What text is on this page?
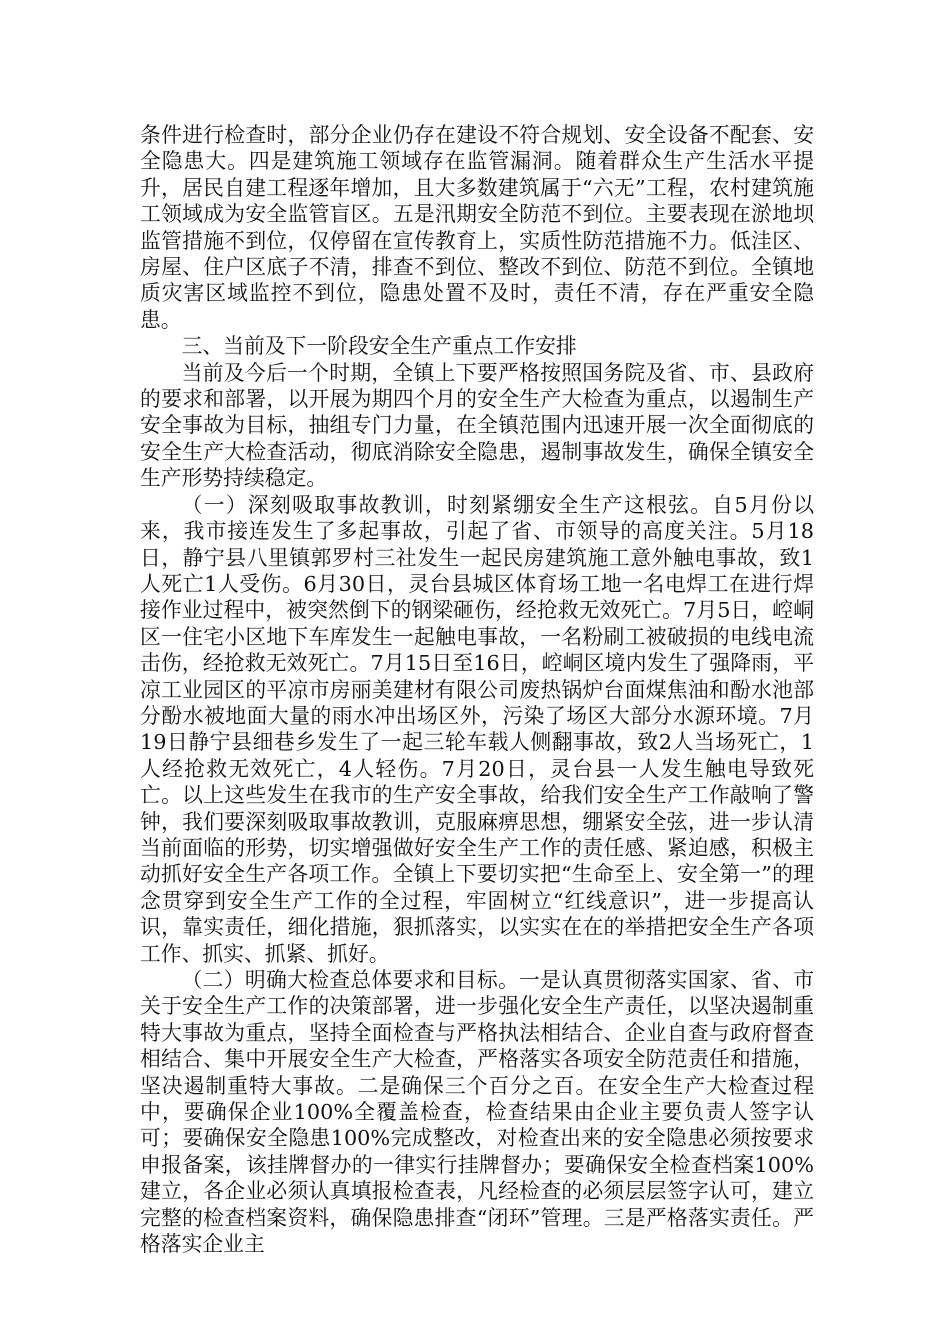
条件进行检查时，部分企业仍存在建设不符合规划、安全设备不配套、安全隐患大。四是建筑施工领域存在监管漏洞。随着群众生产生活水平提升，居民自建工程逐年增加，且大多数建筑属于“六无”工程，农村建筑施工领域成为安全监管盲区。五是汛期安全防范不到位。主要表现在淤地坝监管措施不到位，仅停留在宣传教育上，实质性防范措施不力。低洼区、房屋、住户区底子不清，排查不到位、整改不到位、防范不到位。全镇地质灾害区域监控不到位，隐患处置不及时，责任不清，存在严重安全隐患。

三、当前及下一阶段安全生产重点工作安排

当前及今后一个时期，全镇上下要严格按照国务院及省、市、县政府的要求和部署，以开展为期四个月的安全生产大检查为重点，以遏制生产安全事故为目标，抽组专门力量，在全镇范围内迅速开展一次全面彻底的安全生产大检查活动，彻底消除安全隐患，遏制事故发生，确保全镇安全生产形势持续稳定。

（一）深刻吸取事故教训，时刻紧绷安全生产这根弦。自5月份以来，我市接连发生了多起事故，引起了省、市领导的高度关注。5月18日，静宁县八里镇郭罗村三社发生一起民房建筑施工意外触电事故，致1人死亡1人受伤。6月30日，灵台县城区体育场工地一名电焊工在进行焊接作业过程中，被突然倒下的钢梁砸伤，经抢救无效死亡。7月5日，崆峒区一住宅小区地下车库发生一起触电事故，一名粉刷工被破损的电线电流击伤，经抢救无效死亡。7月15日至16日，崆峒区境内发生了强降雨，平凉工业园区的平凉市房丽美建材有限公司废热锅炉台面煤焦油和酚水池部分酚水被地面大量的雨水冲出场区外，污染了场区大部分水源环境。7月19日静宁县细巷乡发生了一起三轮车载人侧翻事故，致2人当场死亡，1人经抢救无效死亡，4人轻伤。7月20日，灵台县一人发生触电导致死亡。以上这些发生在我市的生产安全事故，给我们安全生产工作敲响了警钟，我们要深刻吸取事故教训，克服麻痹思想，绷紧安全弦，进一步认清当前面临的形势，切实增强做好安全生产工作的责任感、紧迫感，积极主动抓好安全生产各项工作。全镇上下要切实把“生命至上、安全第一”的理念贯穿到安全生产工作的全过程，牢固树立“红线意识”，进一步提高认识，靠实责任，细化措施，狠抓落实，以实实在在的举措把安全生产各项工作、抓实、抓紧、抓好。

（二）明确大检查总体要求和目标。一是认真贯彻落实国家、省、市关于安全生产工作的决策部署，进一步强化安全生产责任，以坚决遏制重特大事故为重点，坚持全面检查与严格执法相结合、企业自查与政府督查相结合、集中开展安全生产大检查，严格落实各项安全防范责任和措施，坚决遏制重特大事故。二是确保三个百分之百。在安全生产大检查过程中，要确保企业100%全覆盖检查，检查结果由企业主要负责人签字认可；要确保安全隐患100%完成整改，对检查出来的安全隐患必须按要求申报备案，该挂牌督办的一律实行挂牌督办；要确保安全检查档案100%建立，各企业必须认真填报检查表，凡经检查的必须层层签字认可，建立完整的检查档案资料，确保隐患排查“闭环”管理。三是严格落实责任。严格落实企业主
